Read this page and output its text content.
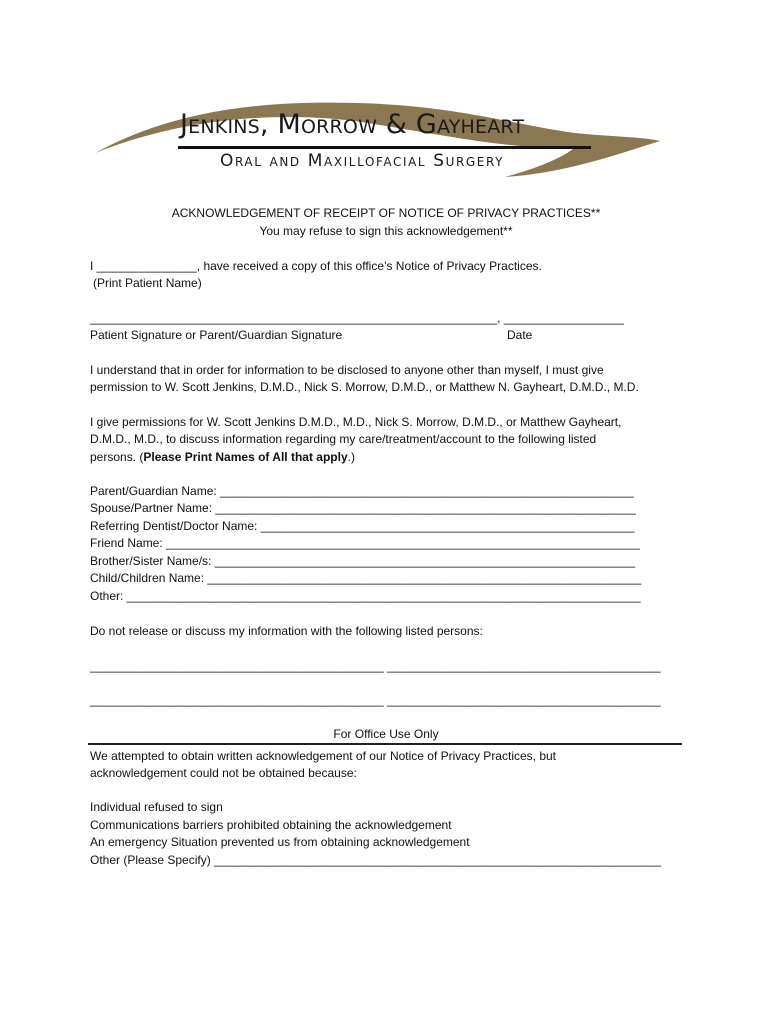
Jenkins, Morrow & Gayheart
Oral and Maxillofacial Surgery
ACKNOWLEDGEMENT OF RECEIPT OF NOTICE OF PRIVACY PRACTICES**
You may refuse to sign this acknowledgement**
I _______________, have received a copy of this office’s Notice of Privacy Practices.
(Print Patient Name)
_____________________________________________________________, __________________
Patient Signature or Parent/Guardian Signature	Date
I understand that in order for information to be disclosed to anyone other than myself, I must give
permission to W. Scott Jenkins, D.M.D., Nick S. Morrow, D.M.D., or Matthew N. Gayheart, D.M.D., M.D.
I give permissions for W. Scott Jenkins D.M.D., M.D., Nick S. Morrow, D.M.D., or Matthew Gayheart,
D.M.D., M.D., to discuss information regarding my care/treatment/account to the following listed
persons. (Please Print Names of All that apply.)
Parent/Guardian Name: ______________________________________________________________
Spouse/Partner Name: _______________________________________________________________
Referring Dentist/Doctor Name: ________________________________________________________
Friend Name: _______________________________________________________________________
Brother/Sister Name/s: _______________________________________________________________
Child/Children Name: _________________________________________________________________
Other: _____________________________________________________________________________
Do not release or discuss my information with the following listed persons:
____________________________________________ _________________________________________
____________________________________________ _________________________________________
For Office Use Only
We attempted to obtain written acknowledgement of our Notice of Privacy Practices, but
acknowledgement could not be obtained because:
Individual refused to sign
Communications barriers prohibited obtaining the acknowledgement
An emergency Situation prevented us from obtaining acknowledgement
Other (Please Specify) ___________________________________________________________________
